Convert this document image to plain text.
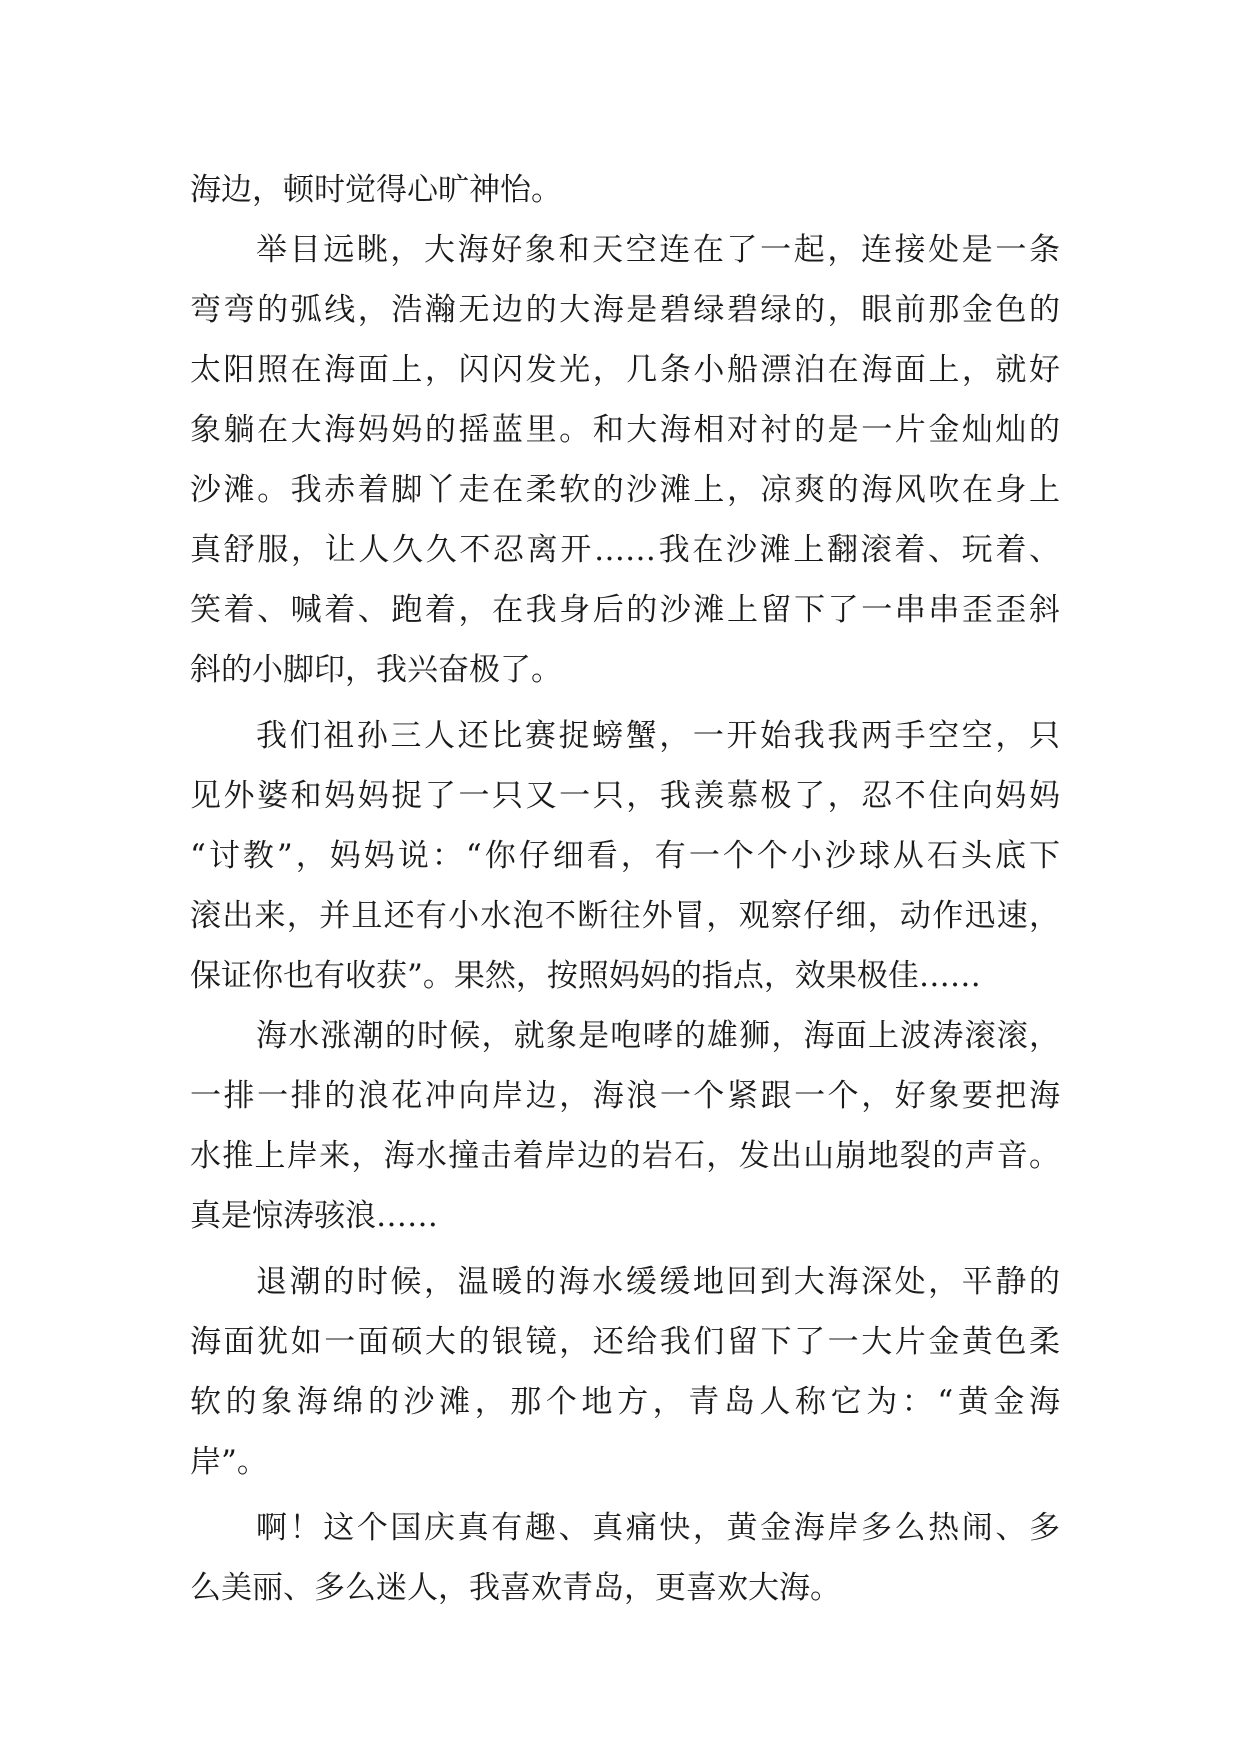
海边，顿时觉得心旷神怡。
举目远眺，大海好象和天空连在了一起，连接处是一条
弯弯的弧线，浩瀚无边的大海是碧绿碧绿的，眼前那金色的
太阳照在海面上，闪闪发光，几条小船漂泊在海面上，就好
象躺在大海妈妈的摇蓝里。和大海相对衬的是一片金灿灿的
沙滩。我赤着脚丫走在柔软的沙滩上，凉爽的海风吹在身上
真舒服，让人久久不忍离开……我在沙滩上翻滚着、玩着、
笑着、喊着、跑着，在我身后的沙滩上留下了一串串歪歪斜
斜的小脚印，我兴奋极了。
我们祖孙三人还比赛捉螃蟹，一开始我我两手空空，只
见外婆和妈妈捉了一只又一只，我羡慕极了，忍不住向妈妈
“讨教”，妈妈说：“你仔细看，有一个个小沙球从石头底下
滚出来，并且还有小水泡不断往外冒，观察仔细，动作迅速，
保证你也有收获”。果然，按照妈妈的指点，效果极佳……
海水涨潮的时候，就象是咆哮的雄狮，海面上波涛滚滚，
一排一排的浪花冲向岸边，海浪一个紧跟一个，好象要把海
水推上岸来，海水撞击着岸边的岩石，发出山崩地裂的声音。
真是惊涛骇浪……
退潮的时候，温暖的海水缓缓地回到大海深处，平静的
海面犹如一面硕大的银镜，还给我们留下了一大片金黄色柔
软的象海绵的沙滩，那个地方，青岛人称它为：“黄金海
岸”。
啊！这个国庆真有趣、真痛快，黄金海岸多么热闹、多
么美丽、多么迷人，我喜欢青岛，更喜欢大海。
